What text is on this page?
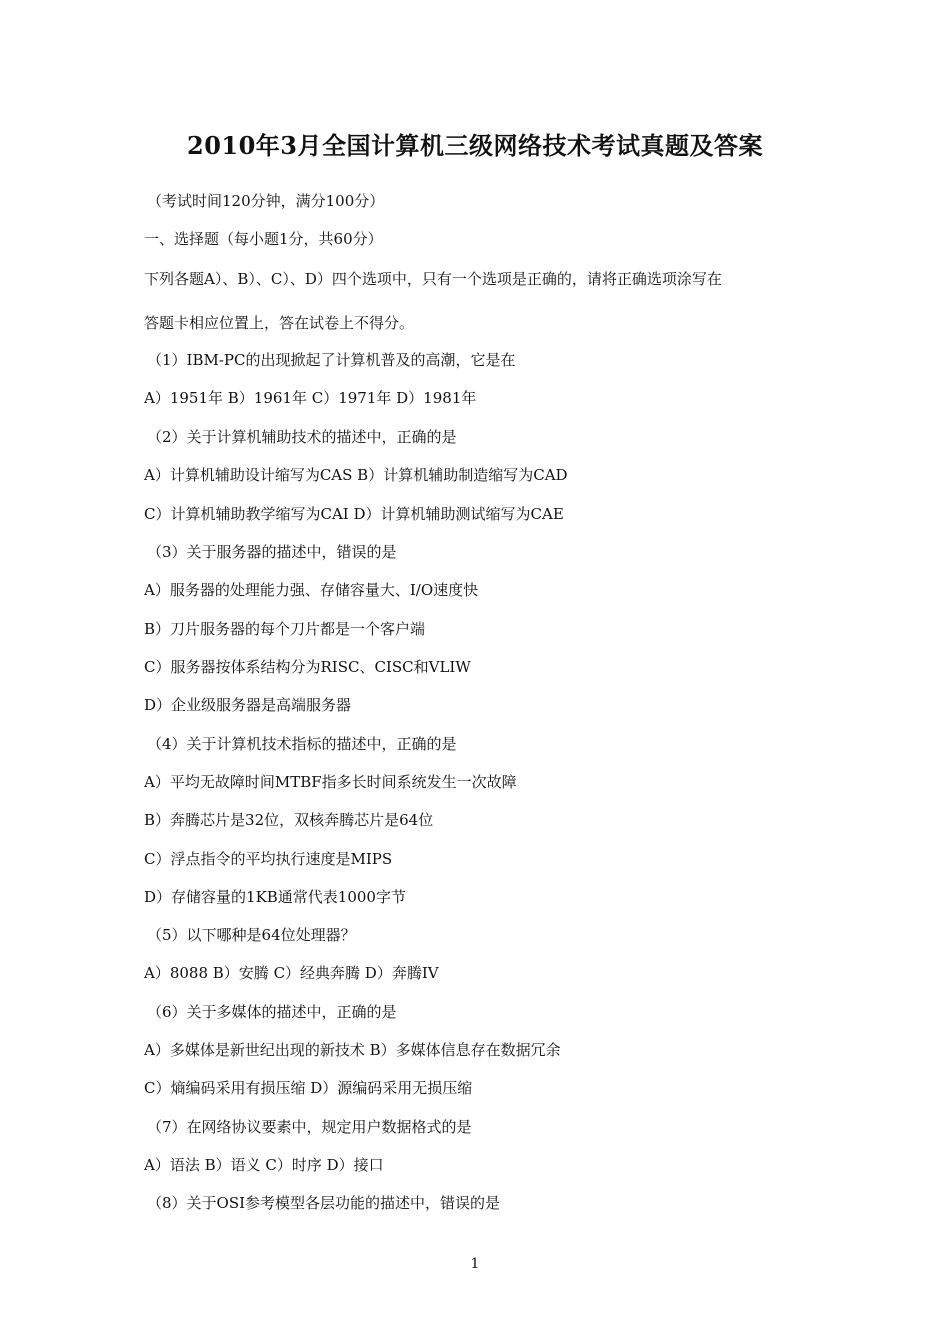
2010年3月全国计算机三级网络技术考试真题及答案
（考试时间120分钟，满分100分）
一、选择题（每小题1分，共60分）
下列各题A）、B）、C）、D）四个选项中，只有一个选项是正确的，请将正确选项涂写在
答题卡相应位置上，答在试卷上不得分。
（1）IBM-PC的出现掀起了计算机普及的高潮，它是在
A）1951年 B）1961年 C）1971年 D）1981年
（2）关于计算机辅助技术的描述中，正确的是
A）计算机辅助设计缩写为CAS B）计算机辅助制造缩写为CAD
C）计算机辅助教学缩写为CAI D）计算机辅助测试缩写为CAE
（3）关于服务器的描述中，错误的是
A）服务器的处理能力强、存储容量大、I/O速度快
B）刀片服务器的每个刀片都是一个客户端
C）服务器按体系结构分为RISC、CISC和VLIW
D）企业级服务器是高端服务器
（4）关于计算机技术指标的描述中，正确的是
A）平均无故障时间MTBF指多长时间系统发生一次故障
B）奔腾芯片是32位，双核奔腾芯片是64位
C）浮点指令的平均执行速度是MIPS
D）存储容量的1KB通常代表1000字节
（5）以下哪种是64位处理器？
A）8088 B）安腾 C）经典奔腾 D）奔腾IV
（6）关于多媒体的描述中，正确的是
A）多媒体是新世纪出现的新技术 B）多媒体信息存在数据冗余
C）熵编码采用有损压缩 D）源编码采用无损压缩
（7）在网络协议要素中，规定用户数据格式的是
A）语法 B）语义 C）时序 D）接口
（8）关于OSI参考模型各层功能的描述中，错误的是
1
